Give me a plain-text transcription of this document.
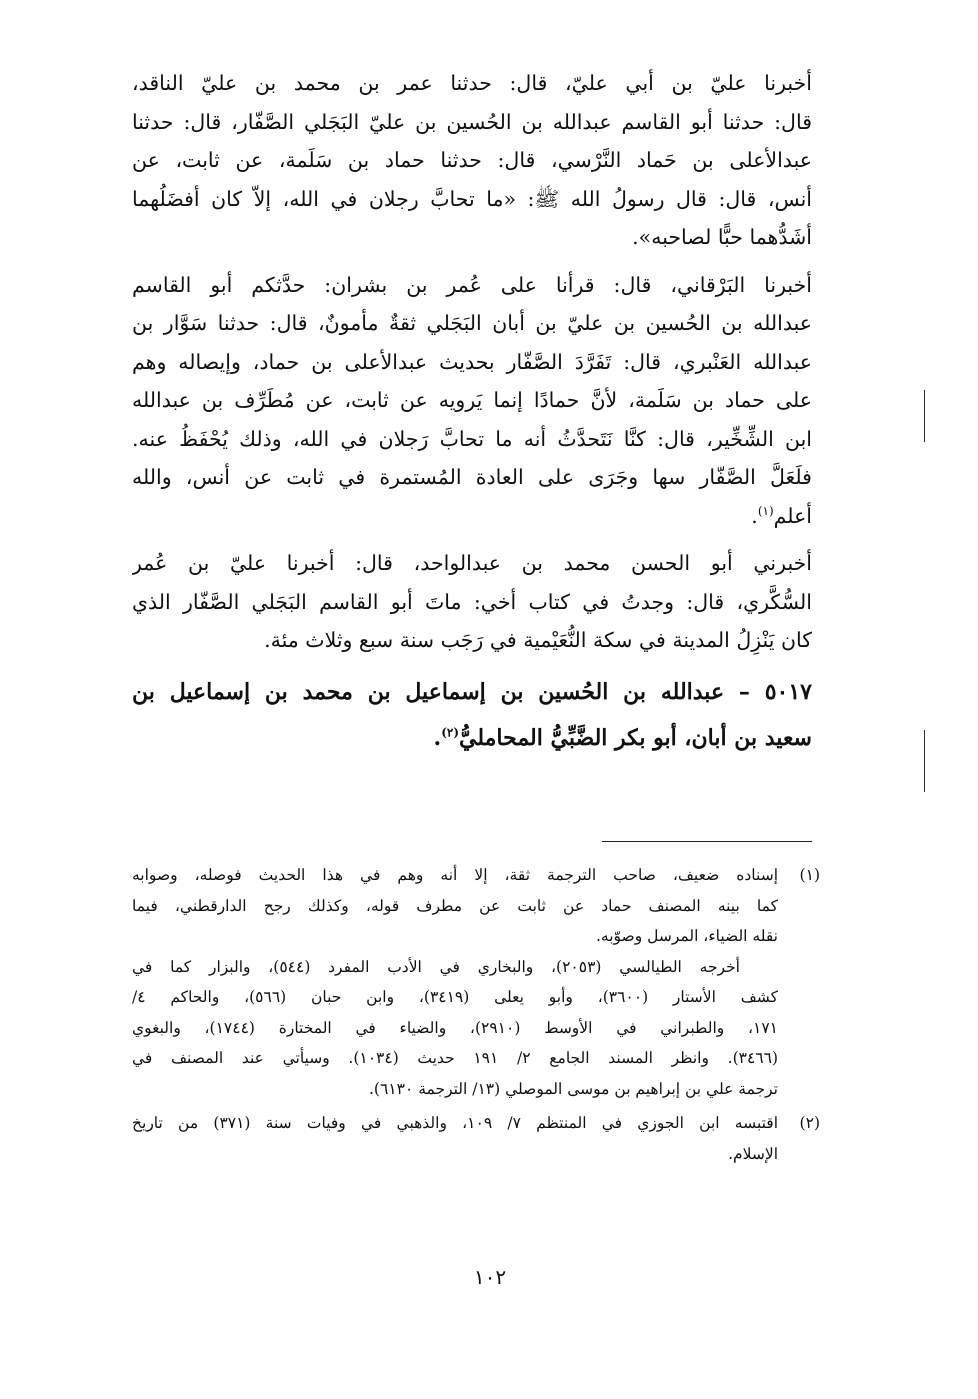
أخبرنا عليّ بن أبي عليّ، قال: حدثنا عمر بن محمد بن عليّ الناقد،
قال: حدثنا أبو القاسم عبدالله بن الحُسين بن عليّ البَجَلي الصَّفّار، قال: حدثنا
عبدالأعلى بن حَماد النَّرْسي، قال: حدثنا حماد بن سَلَمة، عن ثابت، عن
أنس، قال: قال رسولُ الله ﷺ: «ما تحابَّ رجلان في الله، إلاّ كان أفضَلُهما
أشَدُّهما حبًّا لصاحبه».
أخبرنا البَرْقاني، قال: قرأنا على عُمر بن بشران: حدَّثكم أبو القاسم
عبدالله بن الحُسين بن عليّ بن أبان البَجَلي ثقةٌ مأمونٌ، قال: حدثنا سَوَّار بن
عبدالله العَنْبري، قال: تَفَرَّدَ الصَّفّار بحديث عبدالأعلى بن حماد، وإيصاله وهم
على حماد بن سَلَمة، لأنَّ حمادًا إنما يَرويه عن ثابت، عن مُطَرِّف بن عبدالله
ابن الشِّخِّير، قال: كنَّا نَتَحدَّثُ أنه ما تحابَّ رَجلان في الله، وذلك يُحْفَظُ عنه.
فلَعَلَّ الصَّفّار سها وجَرَى على العادة المُستمرة في ثابت عن أنس، والله
أعلم$^{(١)}$.
أخبرني أبو الحسن محمد بن عبدالواحد، قال: أخبرنا عليّ بن عُمر
السُّكَّري، قال: وجدتُ في كتاب أخي: ماتَ أبو القاسم البَجَلي الصَّفّار الذي
كان يَنْزِلُ المدينة في سكة النُّعَيْمية في رَجَب سنة سبع وثلاث مئة.
٥٠١٧ – عبدالله بن الحُسين بن إسماعيل بن محمد بن إسماعيل بن
سعيد بن أبان، أبو بكر الضَّبِّيُّ المحامليُّ$^{(٢)}$.
(١)
إسناده ضعيف، صاحب الترجمة ثقة، إلا أنه وهم في هذا الحديث فوصله، وصوابه
كما بينه المصنف حماد عن ثابت عن مطرف قوله، وكذلك رجح الدارقطني، فيما
نقله الضياء، المرسل وصوّبه.
أخرجه الطيالسي (٢٠٥٣)، والبخاري في الأدب المفرد (٥٤٤)، والبزار كما في
كشف الأستار (٣٦٠٠)، وأبو يعلى (٣٤١٩)، وابن حبان (٥٦٦)، والحاكم ٤/
١٧١، والطبراني في الأوسط (٢٩١٠)، والضياء في المختارة (١٧٤٤)، والبغوي
(٣٤٦٦). وانظر المسند الجامع ٢/ ١٩١ حديث (١٠٣٤). وسيأتي عند المصنف في
ترجمة علي بن إبراهيم بن موسى الموصلي (١٣/ الترجمة ٦١٣٠).
(٢)
اقتبسه ابن الجوزي في المنتظم ٧/ ١٠٩، والذهبي في وفيات سنة (٣٧١) من تاريخ
الإسلام.
١٠٢
